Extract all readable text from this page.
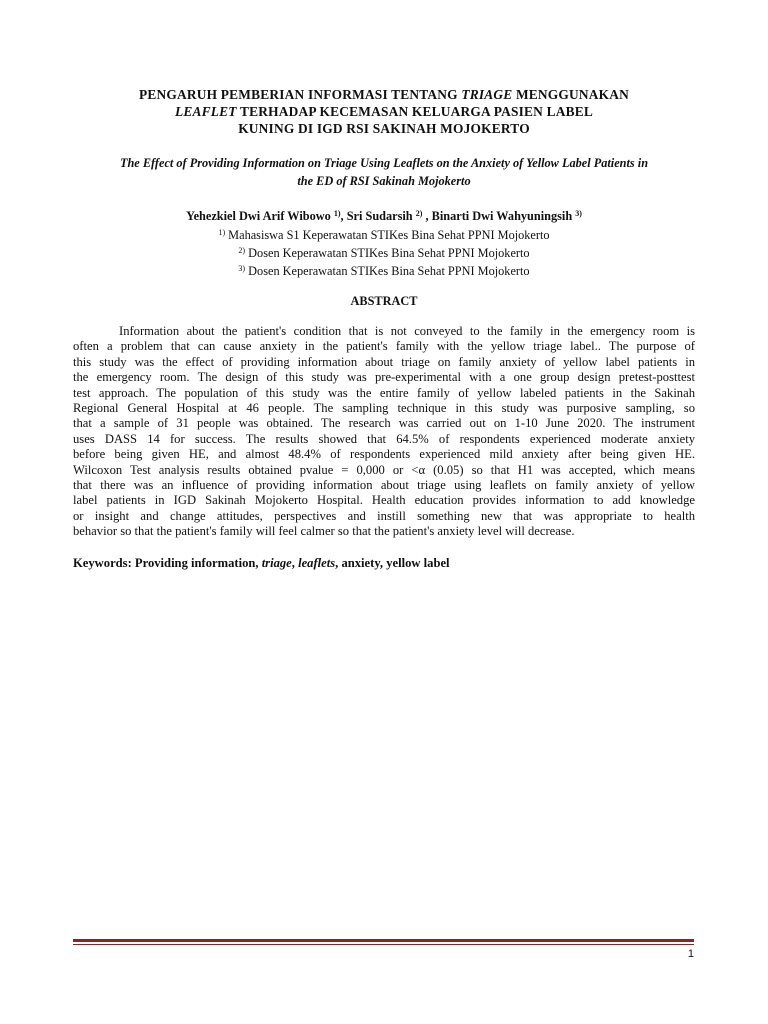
PENGARUH PEMBERIAN INFORMASI TENTANG TRIAGE MENGGUNAKAN
LEAFLET TERHADAP KECEMASAN KELUARGA PASIEN LABEL
KUNING DI IGD RSI SAKINAH MOJOKERTO
The Effect of Providing Information on Triage Using Leaflets on the Anxiety of Yellow Label Patients in
the ED of RSI Sakinah Mojokerto
Yehezkiel Dwi Arif Wibowo $^{1)}$, Sri Sudarsih $^{2)}$ , Binarti Dwi Wahyuningsih $^{3)}$
$^{1)}$ Mahasiswa S1 Keperawatan STIKes Bina Sehat PPNI Mojokerto
$^{2)}$ Dosen Keperawatan STIKes Bina Sehat PPNI Mojokerto
$^{3)}$ Dosen Keperawatan STIKes Bina Sehat PPNI Mojokerto
ABSTRACT
Information about the patient's condition that is not conveyed to the family in the emergency room is
often a problem that can cause anxiety in the patient's family with the yellow triage label.. The purpose of
this study was the effect of providing information about triage on family anxiety of yellow label patients in
the emergency room. The design of this study was pre-experimental with a one group design pretest-posttest
test approach. The population of this study was the entire family of yellow labeled patients in the Sakinah
Regional General Hospital at 46 people. The sampling technique in this study was purposive sampling, so
that a sample of 31 people was obtained. The research was carried out on 1-10 June 2020. The instrument
uses DASS 14 for success. The results showed that 64.5% of respondents experienced moderate anxiety
before being given HE, and almost 48.4% of respondents experienced mild anxiety after being given HE.
Wilcoxon Test analysis results obtained pvalue = 0,000 or <α (0.05) so that H1 was accepted, which means
that there was an influence of providing information about triage using leaflets on family anxiety of yellow
label patients in IGD Sakinah Mojokerto Hospital. Health education provides information to add knowledge
or insight and change attitudes, perspectives and instill something new that was appropriate to health
behavior so that the patient's family will feel calmer so that the patient's anxiety level will decrease.
Keywords: Providing information, triage, leaflets, anxiety, yellow label
1
